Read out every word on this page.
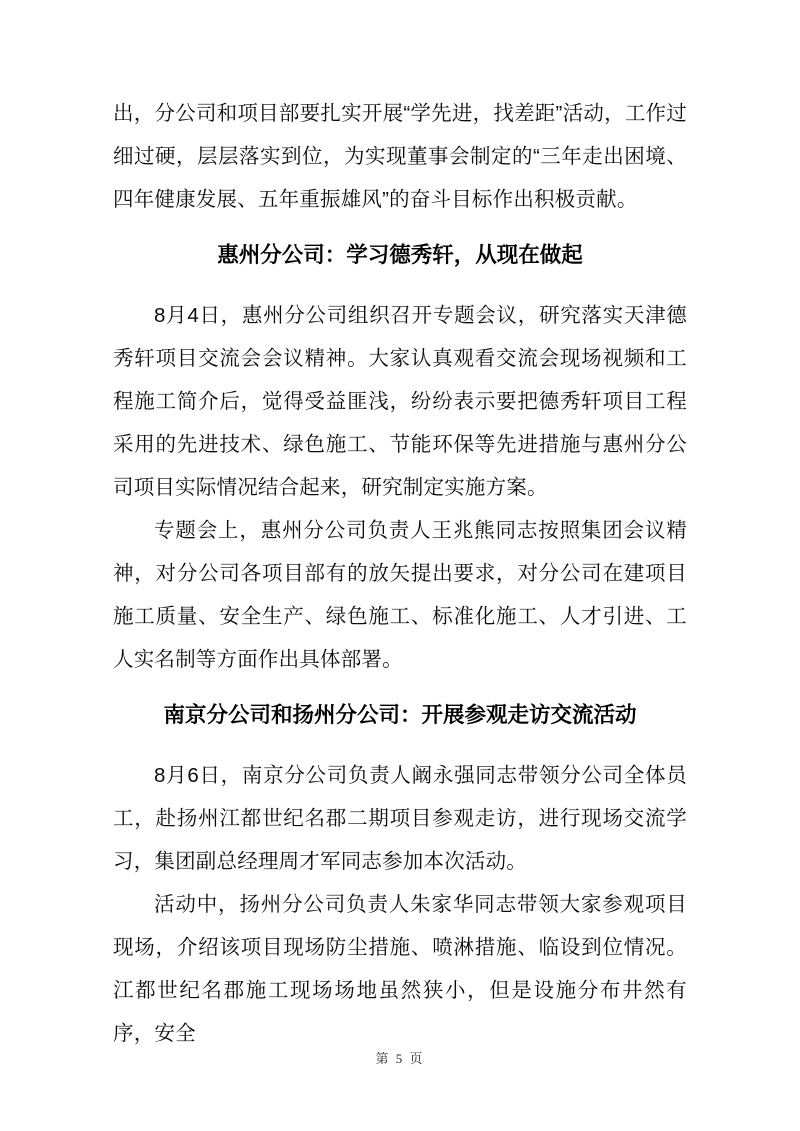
出，分公司和项目部要扎实开展“学先进，找差距”活动，工作过细过硬，层层落实到位，为实现董事会制定的“三年走出困境、四年健康发展、五年重振雄风”的奋斗目标作出积极贡献。

惠州分公司：学习德秀轩，从现在做起

8月4日，惠州分公司组织召开专题会议，研究落实天津德秀轩项目交流会会议精神。大家认真观看交流会现场视频和工程施工简介后，觉得受益匪浅，纷纷表示要把德秀轩项目工程采用的先进技术、绿色施工、节能环保等先进措施与惠州分公司项目实际情况结合起来，研究制定实施方案。

专题会上，惠州分公司负责人王兆熊同志按照集团会议精神，对分公司各项目部有的放矢提出要求，对分公司在建项目施工质量、安全生产、绿色施工、标准化施工、人才引进、工人实名制等方面作出具体部署。

南京分公司和扬州分公司：开展参观走访交流活动

8月6日，南京分公司负责人阚永强同志带领分公司全体员工，赴扬州江都世纪名郡二期项目参观走访，进行现场交流学习，集团副总经理周才军同志参加本次活动。

活动中，扬州分公司负责人朱家华同志带领大家参观项目现场，介绍该项目现场防尘措施、喷淋措施、临设到位情况。江都世纪名郡施工现场场地虽然狭小，但是设施分布井然有序，安全

第 5 页
